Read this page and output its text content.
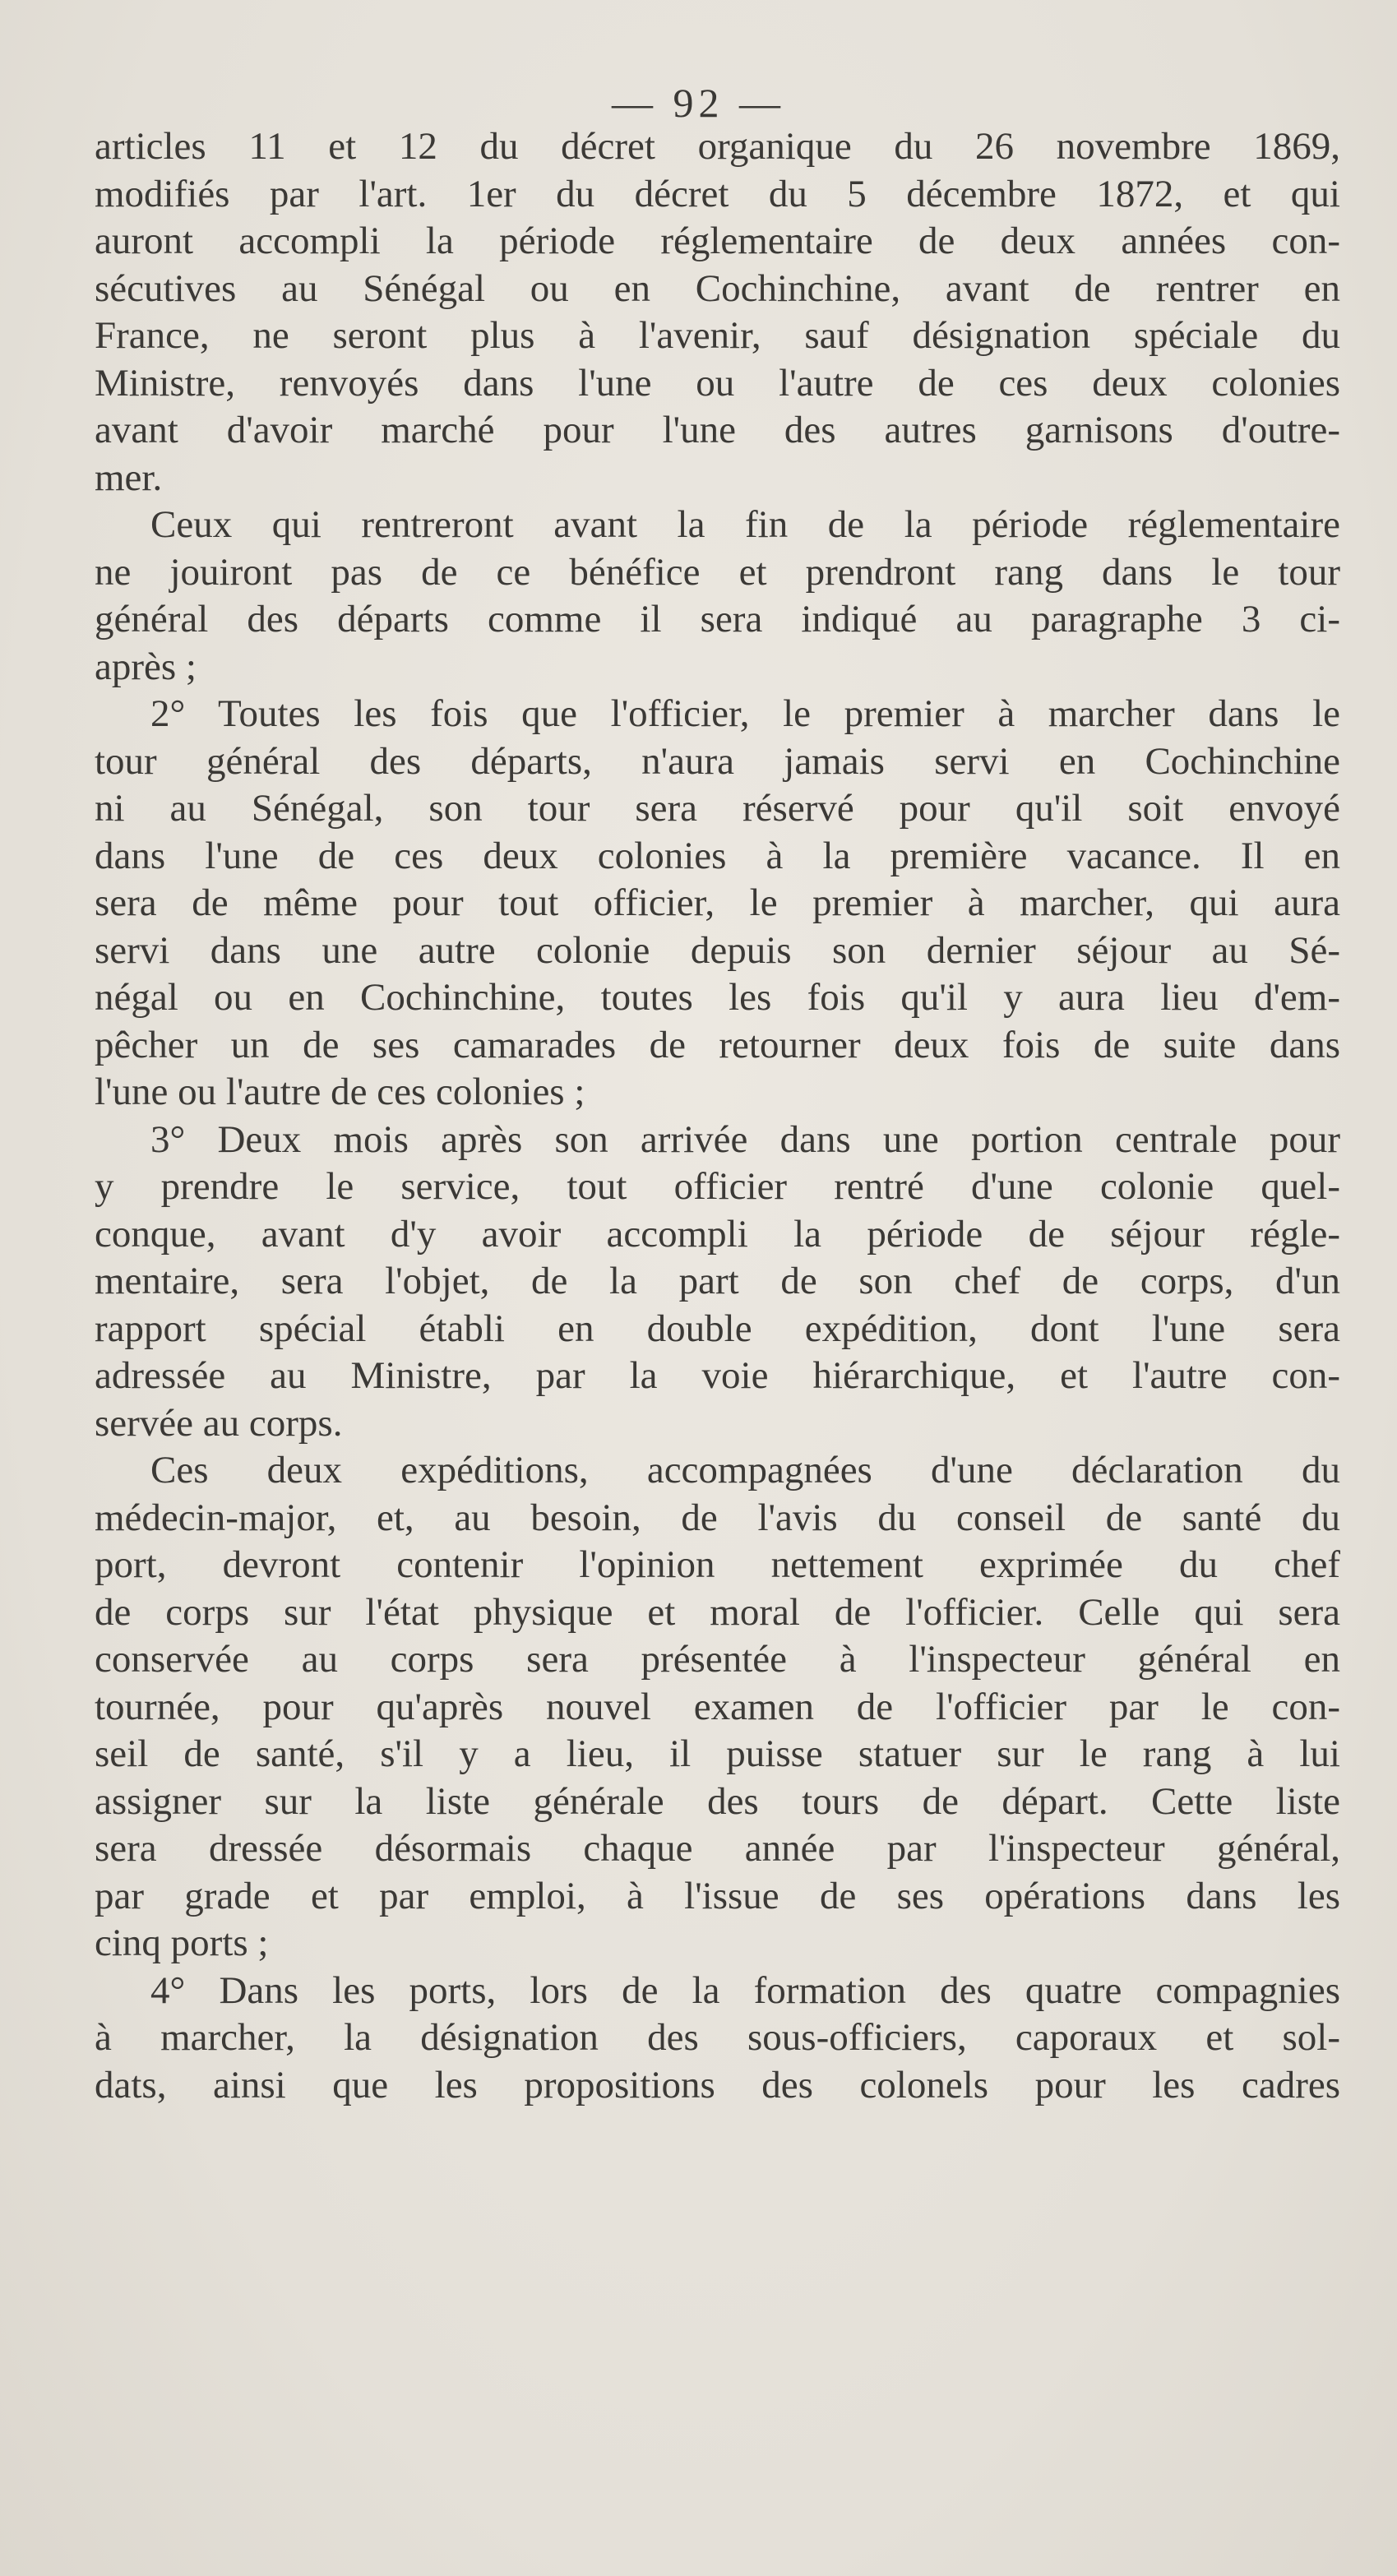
— 92 —
articles 11 et 12 du décret organique du 26 novembre 1869,
modifiés par l'art. 1er du décret du 5 décembre 1872, et qui
auront accompli la période réglementaire de deux années con-
sécutives au Sénégal ou en Cochinchine, avant de rentrer en
France, ne seront plus à l'avenir, sauf désignation spéciale du
Ministre, renvoyés dans l'une ou l'autre de ces deux colonies
avant d'avoir marché pour l'une des autres garnisons d'outre-
mer.
Ceux qui rentreront avant la fin de la période réglementaire
ne jouiront pas de ce bénéfice et prendront rang dans le tour
général des départs comme il sera indiqué au paragraphe 3 ci-
après ;
2° Toutes les fois que l'officier, le premier à marcher dans le
tour général des départs, n'aura jamais servi en Cochinchine
ni au Sénégal, son tour sera réservé pour qu'il soit envoyé
dans l'une de ces deux colonies à la première vacance. Il en
sera de même pour tout officier, le premier à marcher, qui aura
servi dans une autre colonie depuis son dernier séjour au Sé-
négal ou en Cochinchine, toutes les fois qu'il y aura lieu d'em-
pêcher un de ses camarades de retourner deux fois de suite dans
l'une ou l'autre de ces colonies ;
3° Deux mois après son arrivée dans une portion centrale pour
y prendre le service, tout officier rentré d'une colonie quel-
conque, avant d'y avoir accompli la période de séjour régle-
mentaire, sera l'objet, de la part de son chef de corps, d'un
rapport spécial établi en double expédition, dont l'une sera
adressée au Ministre, par la voie hiérarchique, et l'autre con-
servée au corps.
Ces deux expéditions, accompagnées d'une déclaration du
médecin-major, et, au besoin, de l'avis du conseil de santé du
port, devront contenir l'opinion nettement exprimée du chef
de corps sur l'état physique et moral de l'officier. Celle qui sera
conservée au corps sera présentée à l'inspecteur général en
tournée, pour qu'après nouvel examen de l'officier par le con-
seil de santé, s'il y a lieu, il puisse statuer sur le rang à lui
assigner sur la liste générale des tours de départ. Cette liste
sera dressée désormais chaque année par l'inspecteur général,
par grade et par emploi, à l'issue de ses opérations dans les
cinq ports ;
4° Dans les ports, lors de la formation des quatre compagnies
à marcher, la désignation des sous-officiers, caporaux et sol-
dats, ainsi que les propositions des colonels pour les cadres
